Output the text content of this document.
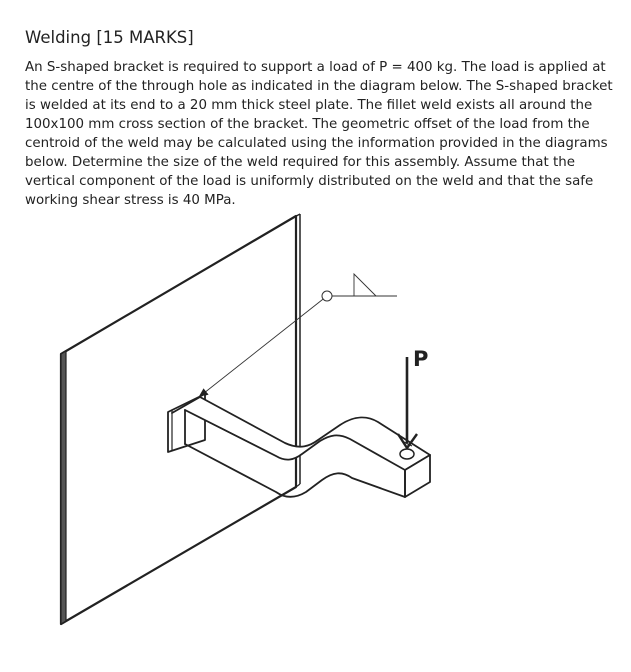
Welding [15 MARKS]

An S-shaped bracket is required to support a load of P = 400 kg. The load is applied at
the centre of the through hole as indicated in the diagram below. The S-shaped bracket
is welded at its end to a 20 mm thick steel plate. The fillet weld exists all around the
100x100 mm cross section of the bracket. The geometric offset of the load from the
centroid of the weld may be calculated using the information provided in the diagrams
below. Determine the size of the weld required for this assembly. Assume that the
vertical component of the load is uniformly distributed on the weld and that the safe
working shear stress is 40 MPa.

P
